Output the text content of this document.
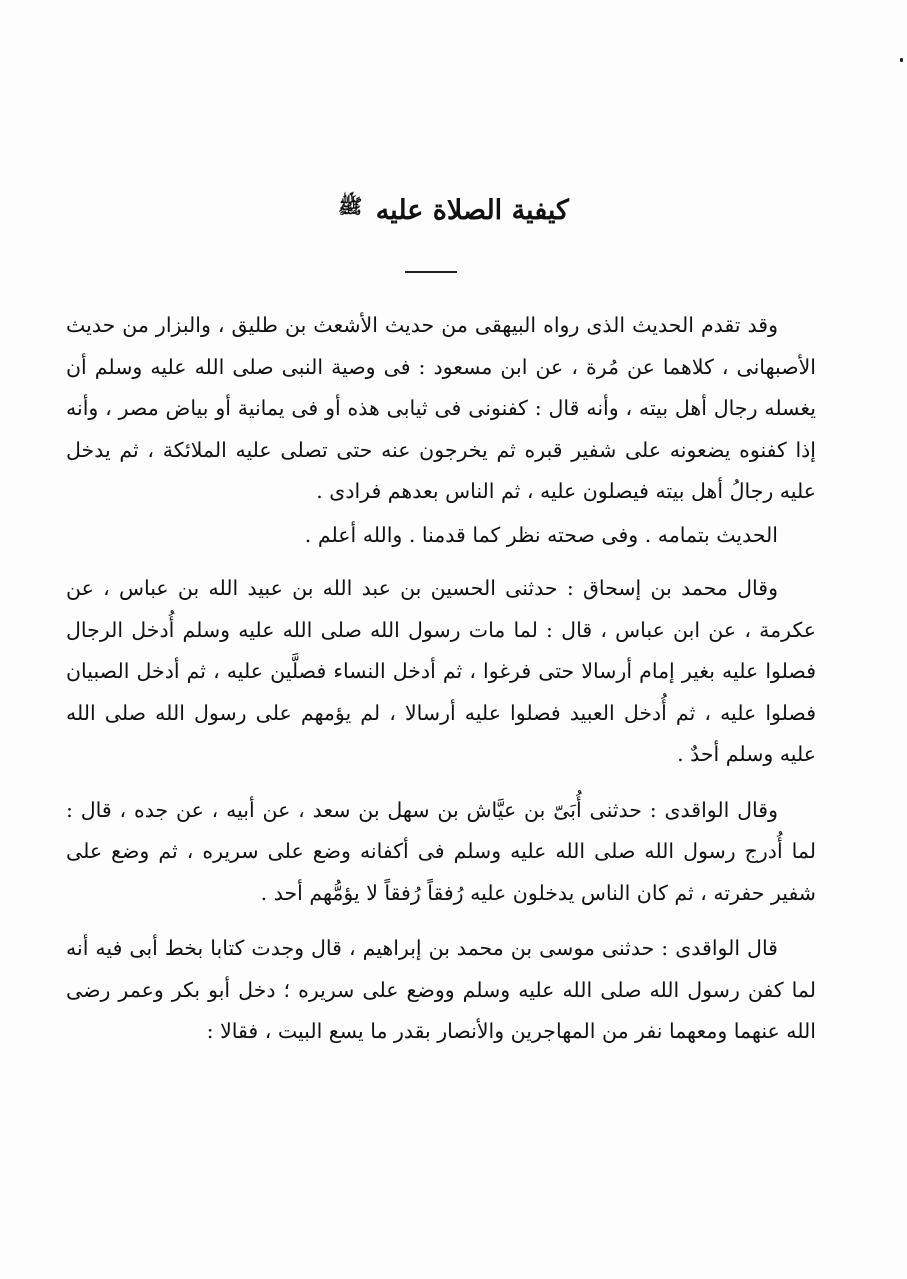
كيفية الصلاة عليه $^ﷺ$

وقد تقدم الحديث الذى رواه البيهقى من حديث الأشعث بن طليق ، والبزار من حديث الأصبهانى ، كلاهما عن مُرة ، عن ابن مسعود : فى وصية النبى صلى الله عليه وسلم أن يغسله رجال أهل بيته ، وأنه قال : كفنونى فى ثيابى هذه أو فى يمانية أو بياض مصر ، وأنه إذا كفنوه يضعونه على شفير قبره ثم يخرجون عنه حتى تصلى عليه الملائكة ، ثم يدخل عليه رجالُ أهل بيته فيصلون عليه ، ثم الناس بعدهم فرادى .

الحديث بتمامه . وفى صحته نظر كما قدمنا . والله أعلم .

وقال محمد بن إسحاق : حدثنى الحسين بن عبد الله بن عبيد الله بن عباس ، عن عكرمة ، عن ابن عباس ، قال : لما مات رسول الله صلى الله عليه وسلم أُدخل الرجال فصلوا عليه بغير إمام أرسالا حتى فرغوا ، ثم أدخل النساء فصلَّين عليه ، ثم أدخل الصبيان فصلوا عليه ، ثم أُدخل العبيد فصلوا عليه أرسالا ، لم يؤمهم على رسول الله صلى الله عليه وسلم أحدٌ .

وقال الواقدى : حدثنى أُبَىّ بن عيَّاش بن سهل بن سعد ، عن أبيه ، عن جده ، قال : لما أُدرج رسول الله صلى الله عليه وسلم فى أكفانه وضع على سريره ، ثم وضع على شفير حفرته ، ثم كان الناس يدخلون عليه رُفقاً رُفقاً لا يؤمُّهم أحد .

قال الواقدى : حدثنى موسى بن محمد بن إبراهيم ، قال وجدت كتابا بخط أبى فيه أنه لما كفن رسول الله صلى الله عليه وسلم ووضع على سريره ؛ دخل أبو بكر وعمر رضى الله عنهما ومعهما نفر من المهاجرين والأنصار بقدر ما يسع البيت ، فقالا :
